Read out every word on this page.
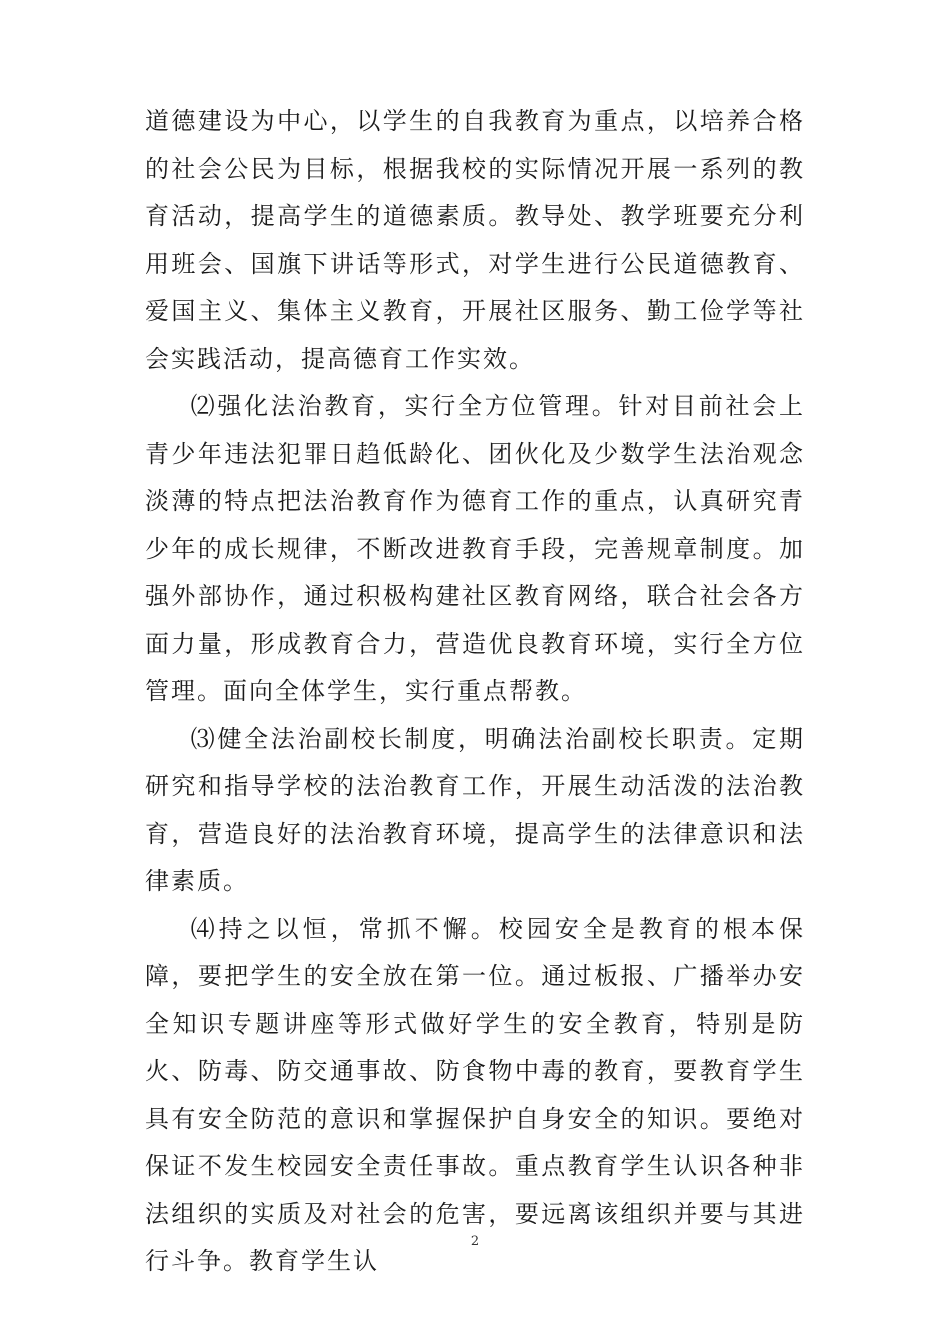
道德建设为中心，以学生的自我教育为重点，以培养合格的社会公民为目标，根据我校的实际情况开展一系列的教育活动，提高学生的道德素质。教导处、教学班要充分利用班会、国旗下讲话等形式，对学生进行公民道德教育、爱国主义、集体主义教育，开展社区服务、勤工俭学等社会实践活动，提高德育工作实效。

⑵强化法治教育，实行全方位管理。针对目前社会上青少年违法犯罪日趋低龄化、团伙化及少数学生法治观念淡薄的特点把法治教育作为德育工作的重点，认真研究青少年的成长规律，不断改进教育手段，完善规章制度。加强外部协作，通过积极构建社区教育网络，联合社会各方面力量，形成教育合力，营造优良教育环境，实行全方位管理。面向全体学生，实行重点帮教。

⑶健全法治副校长制度，明确法治副校长职责。定期研究和指导学校的法治教育工作，开展生动活泼的法治教育，营造良好的法治教育环境，提高学生的法律意识和法律素质。

⑷持之以恒，常抓不懈。校园安全是教育的根本保障，要把学生的安全放在第一位。通过板报、广播举办安全知识专题讲座等形式做好学生的安全教育，特别是防火、防毒、防交通事故、防食物中毒的教育，要教育学生具有安全防范的意识和掌握保护自身安全的知识。要绝对保证不发生校园安全责任事故。重点教育学生认识各种非法组织的实质及对社会的危害，要远离该组织并要与其进行斗争。教育学生认

2
